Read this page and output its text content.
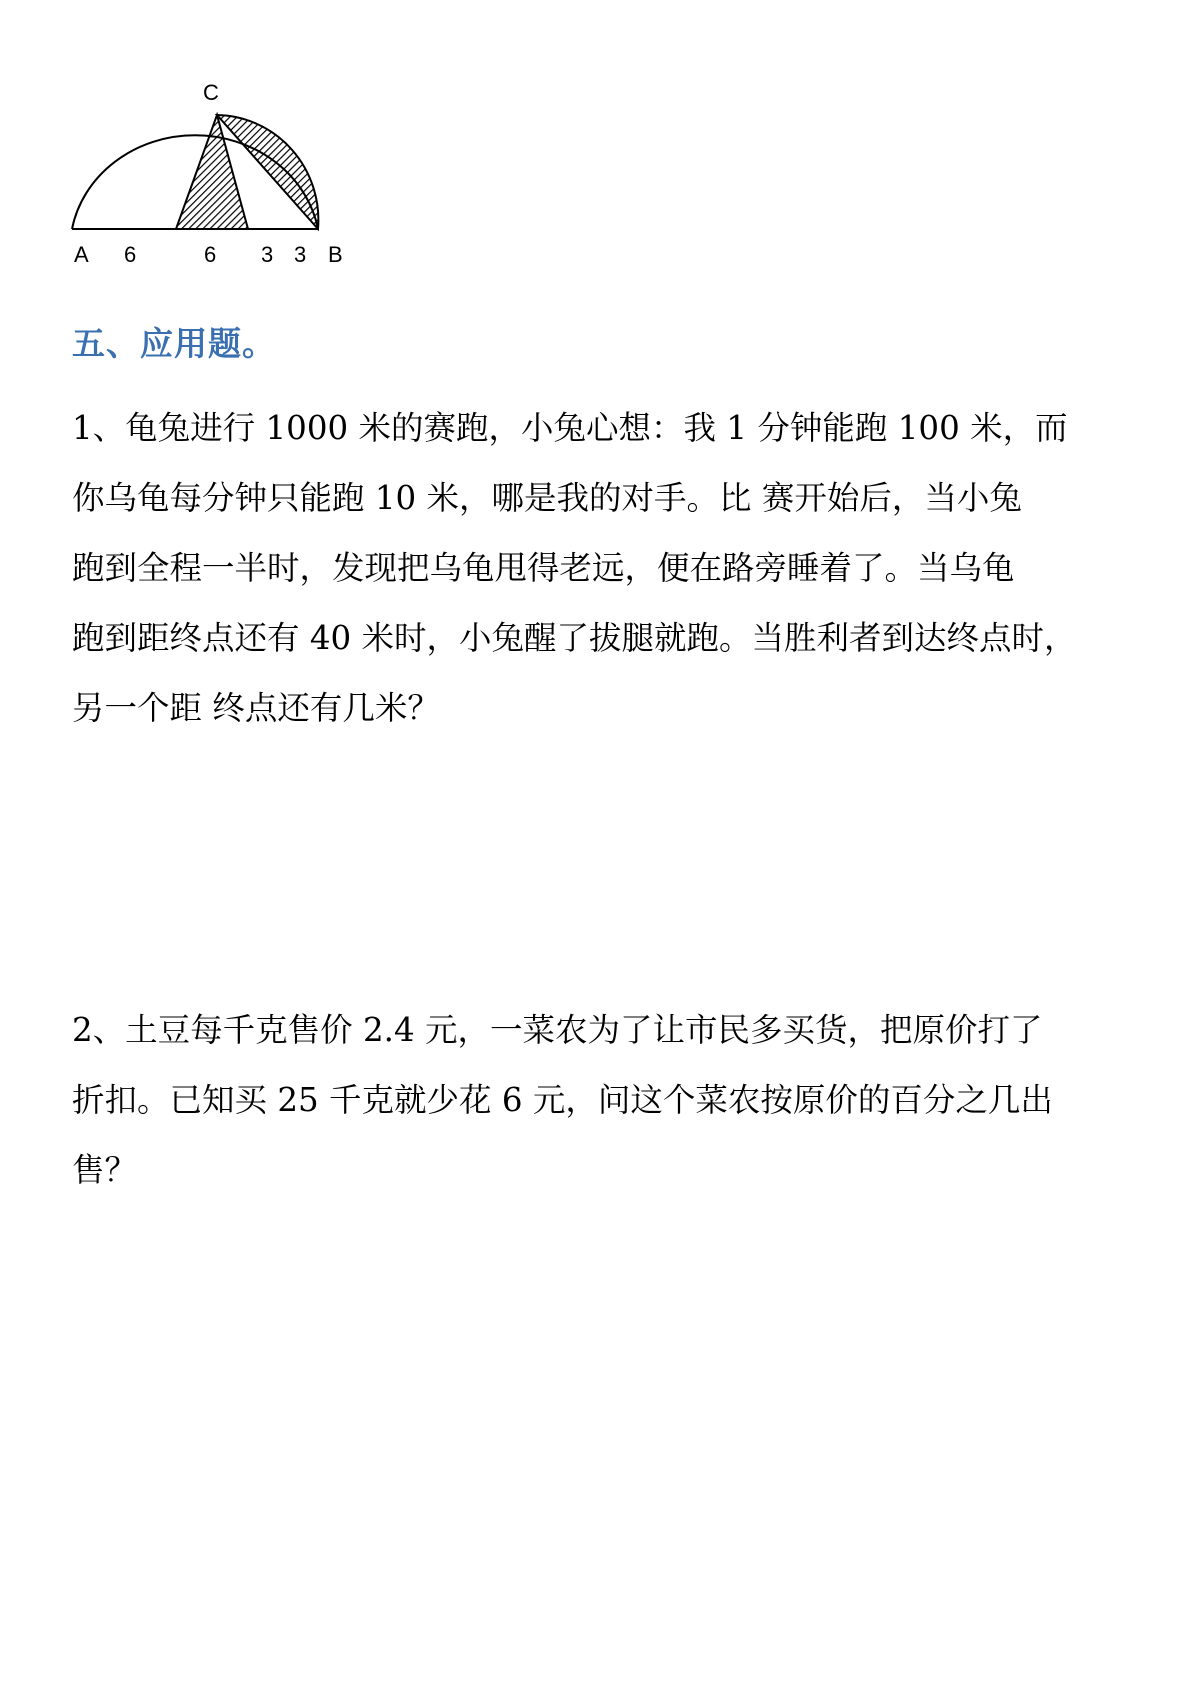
C
A 6	6 3 3 B
五、应用题。
1、龟兔进行 1000 米的赛跑，小兔心想：我 1 分钟能跑 100 米，而
你乌龟每分钟只能跑 10 米，哪是我的对手。比 赛开始后，当小兔
跑到全程一半时，发现把乌龟甩得老远，便在路旁睡着了。当乌龟
跑到距终点还有 40 米时，小兔醒了拔腿就跑。当胜利者到达终点时，
另一个距 终点还有几米？
2、土豆每千克售价 2.4 元，一菜农为了让市民多买货，把原价打了
折扣。已知买 25 千克就少花 6 元，问这个菜农按原价的百分之几出
售？
